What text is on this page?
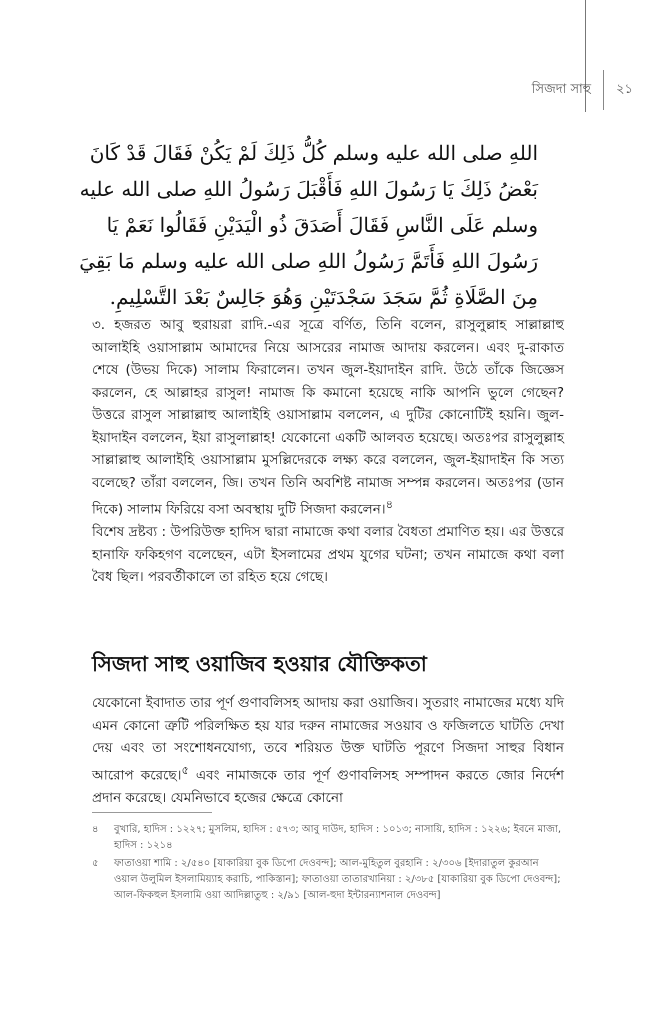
সিজদা সাহু ২১
اللهِ صلى الله عليه وسلم كُلُّ ذَلِكَ لَمْ يَكُنْ فَقَالَ قَدْ كَانَ
بَعْضُ ذَلِكَ يَا رَسُولَ اللهِ فَأَقْبَلَ رَسُولُ اللهِ صلى الله عليه
وسلم عَلَى النَّاسِ فَقَالَ أَصَدَقَ ذُو الْيَدَيْنِ فَقَالُوا نَعَمْ يَا
رَسُولَ اللهِ فَأَتَمَّ رَسُولُ اللهِ صلى الله عليه وسلم مَا بَقِيَ
مِنَ الصَّلَاةِ ثُمَّ سَجَدَ سَجْدَتَيْنِ وَهُوَ جَالِسٌ بَعْدَ التَّسْلِيمِ.

৩. হজরত আবু হুরায়রা রাদি.-এর সূত্রে বর্ণিত, তিনি বলেন, রাসুলুল্লাহ সাল্লাল্লাহু আলাইহি ওয়াসাল্লাম আমাদের নিয়ে আসরের নামাজ আদায় করলেন। এবং দু-রাকাত শেষে (উভয় দিকে) সালাম ফিরালেন। তখন জুল-ইয়াদাইন রাদি. উঠে তাঁকে জিজ্ঞেস করলেন, হে আল্লাহর রাসুল! নামাজ কি কমানো হয়েছে নাকি আপনি ভুলে গেছেন? উত্তরে রাসুল সাল্লাল্লাহু আলাইহি ওয়াসাল্লাম বললেন, এ দুটির কোনোটিই হয়নি। জুল-ইয়াদাইন বললেন, ইয়া রাসুলাল্লাহ! যেকোনো একটি আলবত হয়েছে। অতঃপর রাসুলুল্লাহ সাল্লাল্লাহু আলাইহি ওয়াসাল্লাম মুসল্লিদেরকে লক্ষ্য করে বললেন, জুল-ইয়াদাইন কি সত্য বলেছে? তাঁরা বললেন, জি। তখন তিনি অবশিষ্ট নামাজ সম্পন্ন করলেন। অতঃপর (ডান দিকে) সালাম ফিরিয়ে বসা অবস্থায় দুটি সিজদা করলেন।$^৪$

বিশেষ দ্রষ্টব্য : উপরিউক্ত হাদিস দ্বারা নামাজে কথা বলার বৈধতা প্রমাণিত হয়। এর উত্তরে হানাফি ফকিহগণ বলেছেন, এটা ইসলামের প্রথম যুগের ঘটনা; তখন নামাজে কথা বলা বৈধ ছিল। পরবর্তীকালে তা রহিত হয়ে গেছে।

সিজদা সাহু ওয়াজিব হওয়ার যৌক্তিকতা

যেকোনো ইবাদাত তার পূর্ণ গুণাবলিসহ আদায় করা ওয়াজিব। সুতরাং নামাজের মধ্যে যদি এমন কোনো ত্রুটি পরিলক্ষিত হয় যার দরুন নামাজের সওয়াব ও ফজিলতে ঘাটতি দেখা দেয় এবং তা সংশোধনযোগ্য, তবে শরিয়ত উক্ত ঘাটতি পূরণে সিজদা সাহুর বিধান আরোপ করেছে।$^৫$ এবং নামাজকে তার পূর্ণ গুণাবলিসহ সম্পাদন করতে জোর নির্দেশ প্রদান করেছে। যেমনিভাবে হজের ক্ষেত্রে কোনো

৪ বুখারি, হাদিস : ১২২৭; মুসলিম, হাদিস : ৫৭৩; আবু দাউদ, হাদিস : ১০১৩; নাসায়ি, হাদিস : ১২২৬; ইবনে মাজা, হাদিস : ১২১৪
৫ ফাতাওয়া শামি : ২/৫৪০ [যাকারিয়া বুক ডিপো দেওবন্দ]; আল-মুহিতুল বুরহানি : ২/৩০৬ [ইদারাতুল কুরআন ওয়াল উলুমিল ইসলামিয়্যাহ করাচি, পাকিস্তান]; ফাতাওয়া তাতারখানিয়া : ২/৩৮৫ [যাকারিয়া বুক ডিপো দেওবন্দ]; আল-ফিকহুল ইসলামি ওয়া আদিল্লাতুহু : ২/৯১ [আল-হুদা ইন্টারন্যাশনাল দেওবন্দ]
